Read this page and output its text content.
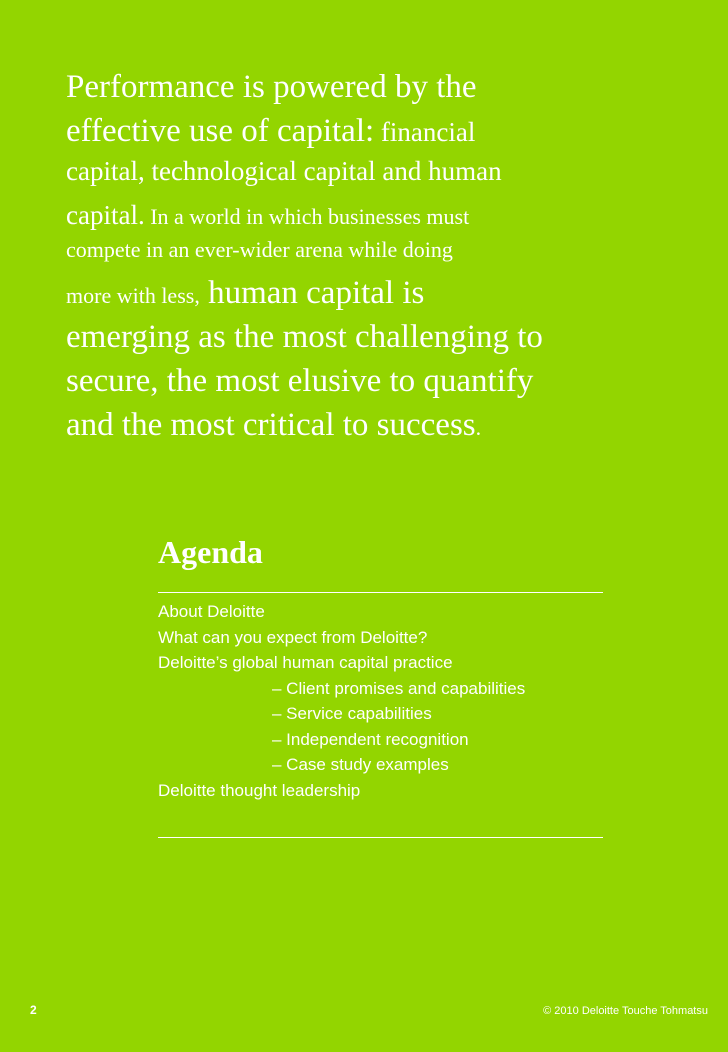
Performance is powered by the
effective use of capital: financial
capital, technological capital and human
capital. In a world in which businesses must
compete in an ever-wider arena while doing
more with less, human capital is
emerging as the most challenging to
secure, the most elusive to quantify
and the most critical to success.
Agenda
About Deloitte
What can you expect from Deloitte?
Deloitte’s global human capital practice
– Client promises and capabilities
– Service capabilities
– Independent recognition
– Case study examples
Deloitte thought leadership
2	© 2010 Deloitte Touche Tohmatsu
